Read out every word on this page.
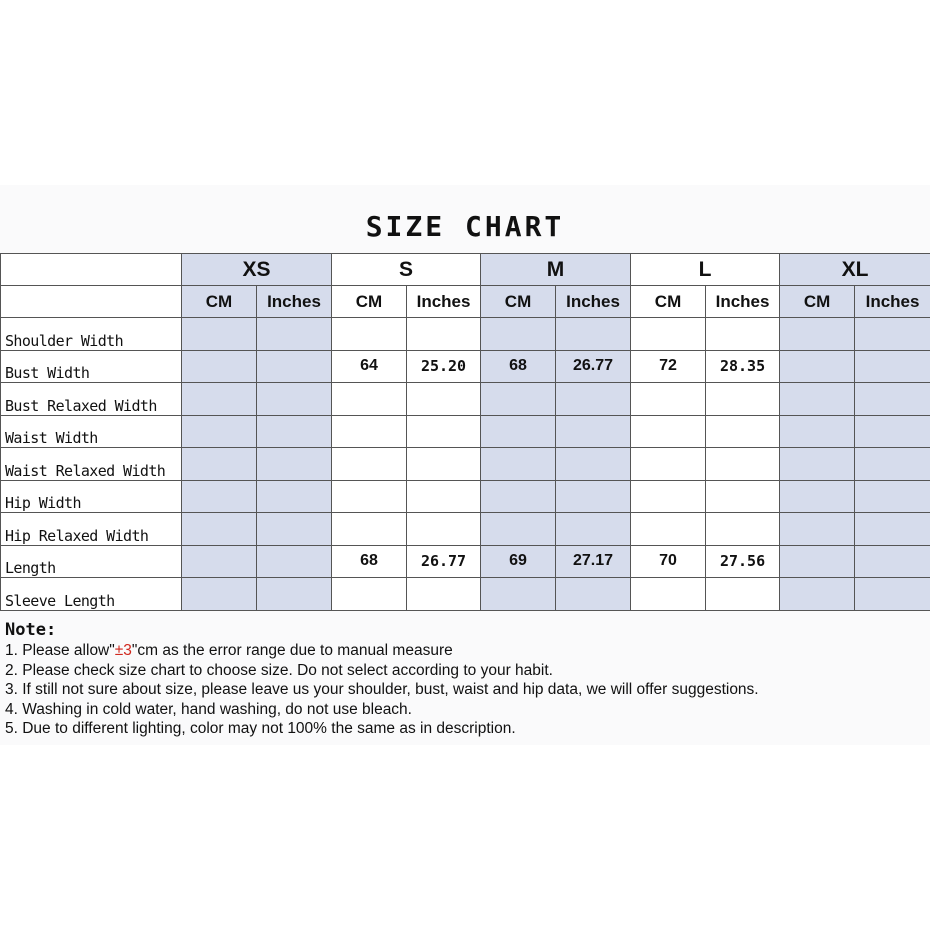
SIZE CHART
	XS		S		M		L		XL	
	CM	Inches	CM	Inches	CM	Inches	CM	Inches	CM	Inches
Shoulder Width										
Bust Width			64	25.20	68	26.77	72	28.35		
Bust Relaxed Width										
Waist Width										
Waist Relaxed Width										
Hip Width										
Hip Relaxed Width										
Length			68	26.77	69	27.17	70	27.56		
Sleeve Length										
Note:
1. Please allow"±3"cm as the error range due to manual measure
2. Please check size chart to choose size. Do not select according to your habit.
3. If still not sure about size, please leave us your shoulder, bust, waist and hip data, we will offer suggestions.
4. Washing in cold water, hand washing, do not use bleach.
5. Due to different lighting, color may not 100% the same as in description.
